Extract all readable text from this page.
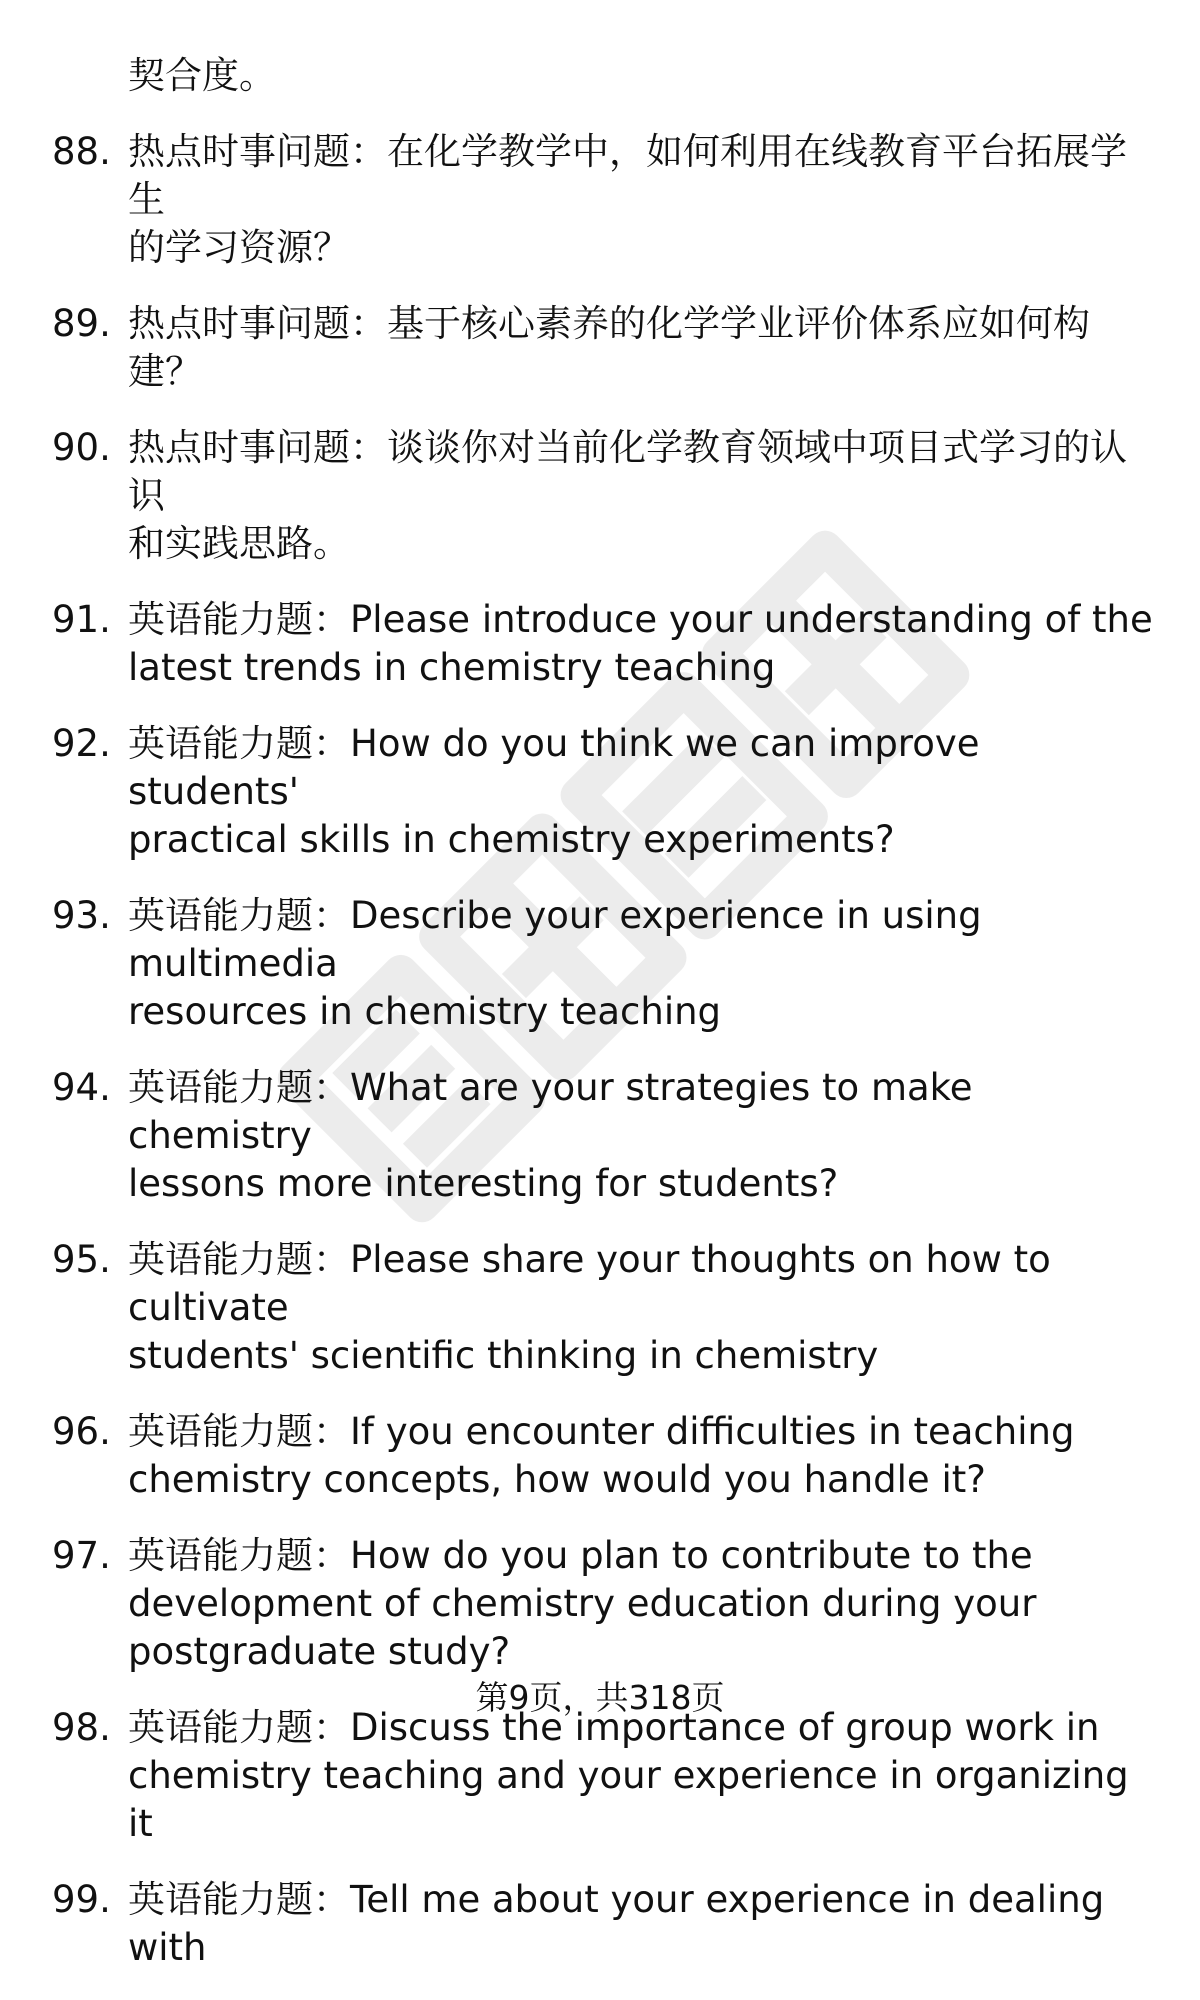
契合度。
88. 热点时事问题：在化学教学中，如何利用在线教育平台拓展学生
的学习资源？
89. 热点时事问题：基于核心素养的化学学业评价体系应如何构建？
90. 热点时事问题：谈谈你对当前化学教育领域中项目式学习的认识
和实践思路。
91. 英语能力题：Please introduce your understanding of the
latest trends in chemistry teaching
92. 英语能力题：How do you think we can improve students'
practical skills in chemistry experiments?
93. 英语能力题：Describe your experience in using multimedia
resources in chemistry teaching
94. 英语能力题：What are your strategies to make chemistry
lessons more interesting for students?
95. 英语能力题：Please share your thoughts on how to cultivate
students' scientific thinking in chemistry
96. 英语能力题：If you encounter difficulties in teaching
chemistry concepts, how would you handle it?
97. 英语能力题：How do you plan to contribute to the
development of chemistry education during your
postgraduate study?
98. 英语能力题：Discuss the importance of group work in
chemistry teaching and your experience in organizing it
99. 英语能力题：Tell me about your experience in dealing with
第9页，共318页
